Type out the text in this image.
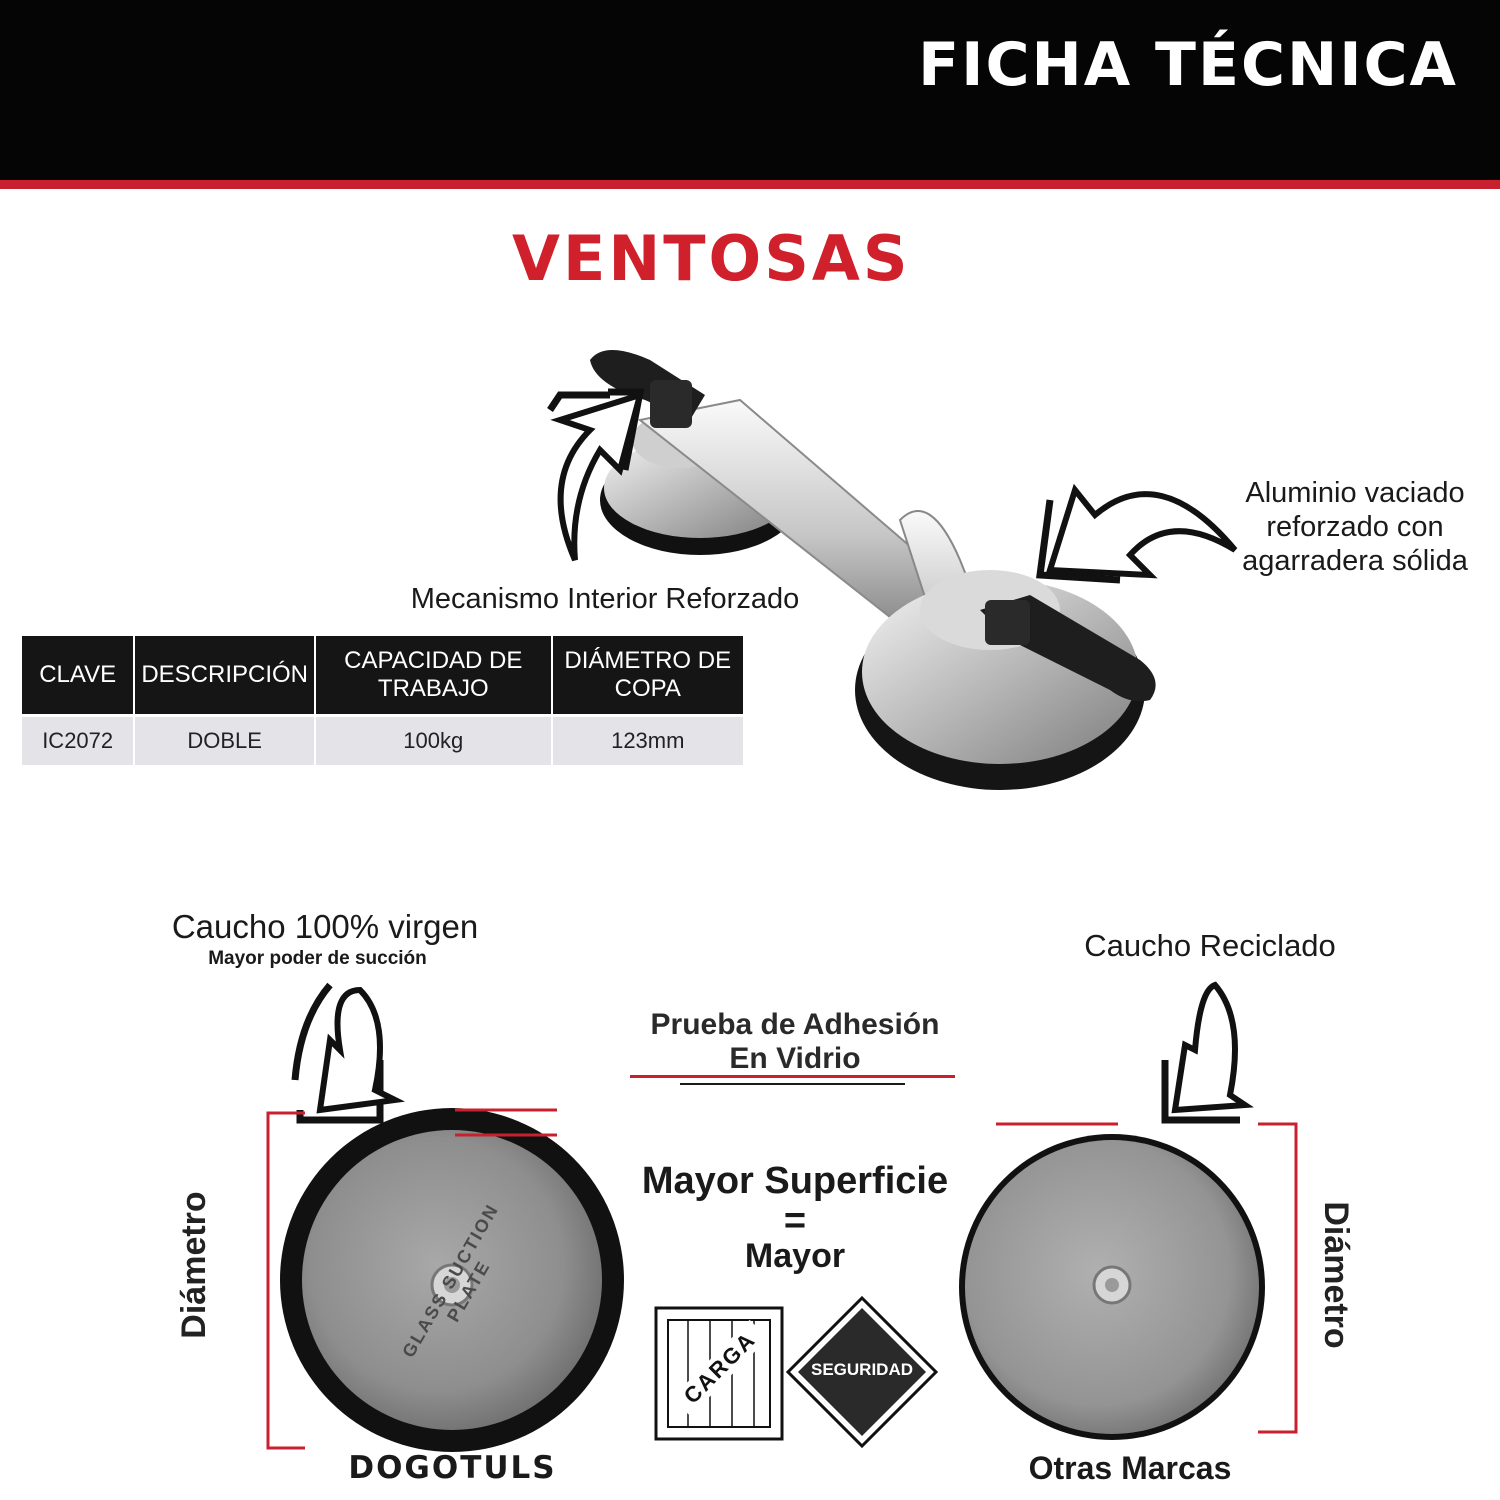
FICHA TÉCNICA
VENTOSAS
Mecanismo Interior Reforzado
Aluminio vaciado
reforzado con
agarradera sólida
CLAVE	DESCRIPCIÓN	CAPACIDAD DE TRABAJO	DIÁMETRO DE COPA
IC2072	DOBLE	100kg	123mm
Caucho 100% virgen
Mayor poder de succión	Caucho Reciclado
Prueba de Adhesión
En Vidrio
Diámetro	Diámetro
GLASS SUCTION PLATE
Mayor Superficie
=
Mayor
CARGA	SEGURIDAD
DOGOTULS	Otras Marcas
